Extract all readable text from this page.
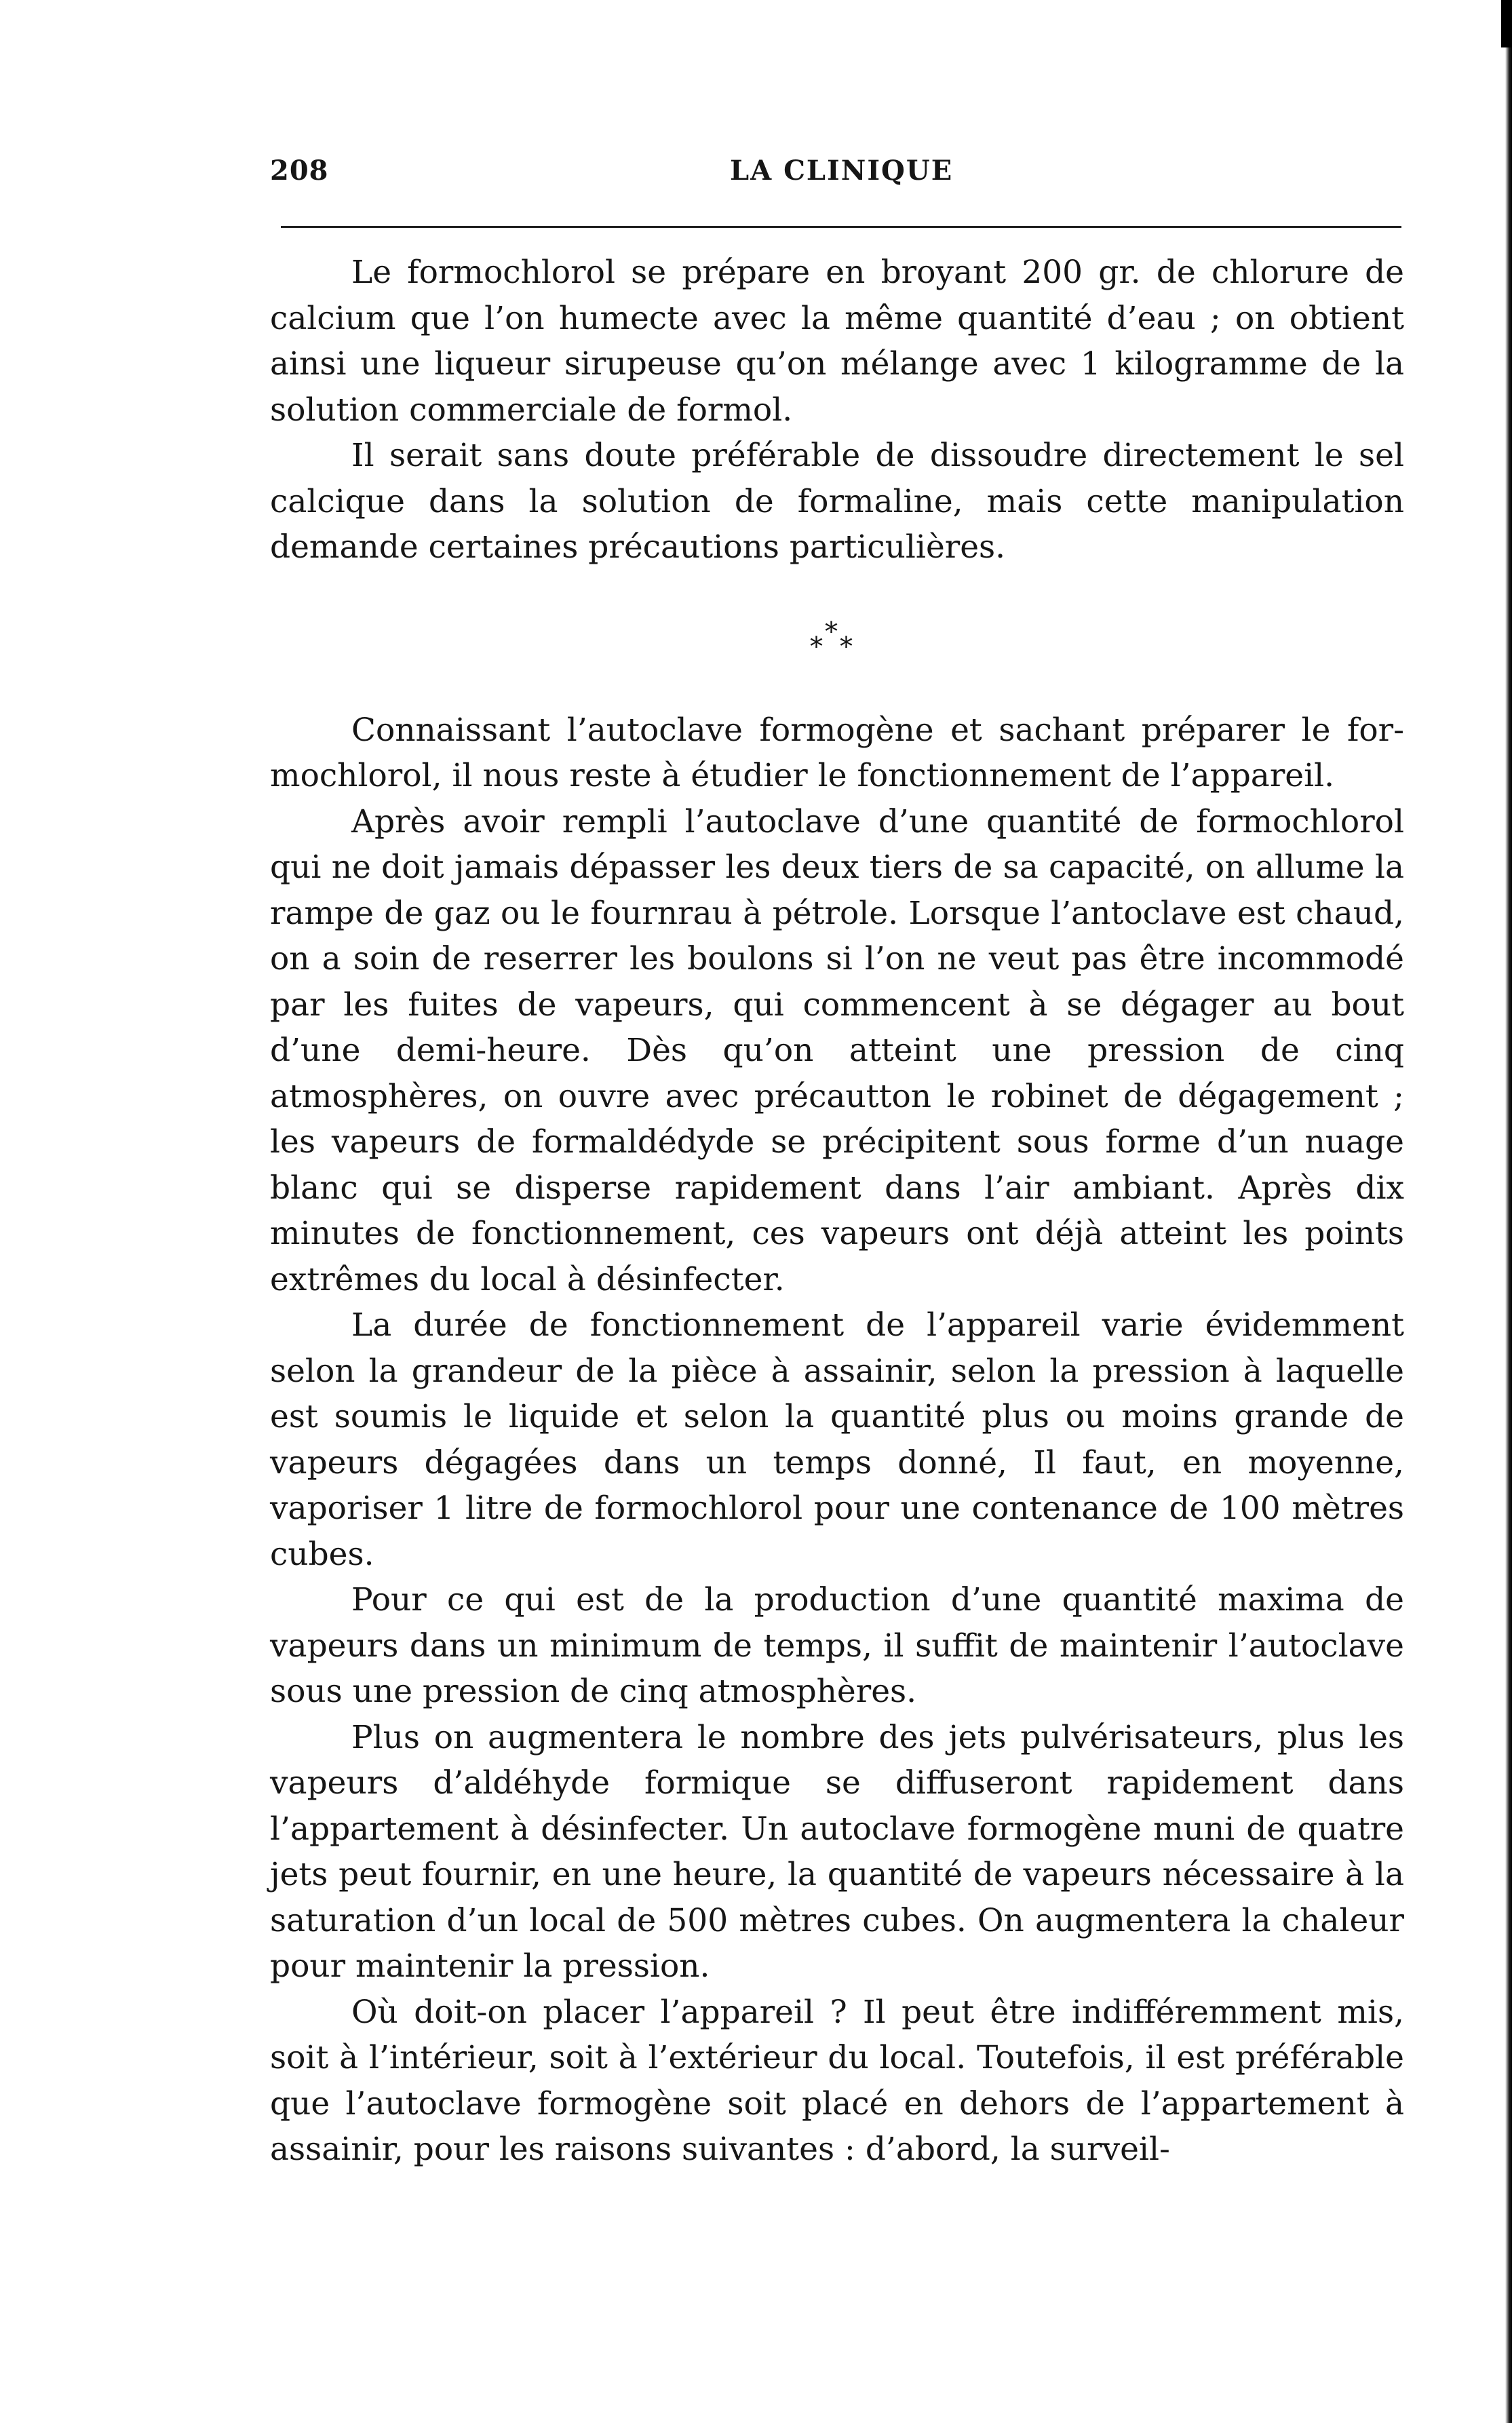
208	LA CLINIQUE

Le formochlorol se prépare en broyant 200 gr. de chlorure de calcium que l’on humecte avec la même quantité d’eau ; on obtient ainsi une liqueur sirupeuse qu’on mélange avec 1 kilogramme de la solution commerciale de formol.

Il serait sans doute préférable de dissoudre directement le sel calcique dans la solution de formaline, mais cette manipulation demande certaines précautions particulières.

*
* *

Connaissant l’autoclave formogène et sachant préparer le formochlorol, il nous reste à étudier le fonctionnement de l’appareil.

Après avoir rempli l’autoclave d’une quantité de formochlorol qui ne doit jamais dépasser les deux tiers de sa capacité, on allume la rampe de gaz ou le fournrau à pétrole. Lorsque l’antoclave est chaud, on a soin de reserrer les boulons si l’on ne veut pas être incommodé par les fuites de vapeurs, qui commencent à se dégager au bout d’une demi-heure. Dès qu’on atteint une pression de cinq atmosphères, on ouvre avec précautton le robinet de dégagement ; les vapeurs de formaldédyde se précipitent sous forme d’un nuage blanc qui se disperse rapidement dans l’air ambiant. Après dix minutes de fonctionnement, ces vapeurs ont déjà atteint les points extrêmes du local à désinfecter.

La durée de fonctionnement de l’appareil varie évidemment selon la grandeur de la pièce à assainir, selon la pression à laquelle est soumis le liquide et selon la quantité plus ou moins grande de vapeurs dégagées dans un temps donné, Il faut, en moyenne, vaporiser 1 litre de formochlorol pour une contenance de 100 mètres cubes.

Pour ce qui est de la production d’une quantité maxima de vapeurs dans un minimum de temps, il suffit de maintenir l’autoclave sous une pression de cinq atmosphères.

Plus on augmentera le nombre des jets pulvérisateurs, plus les vapeurs d’aldéhyde formique se diffuseront rapidement dans l’appartement à désinfecter. Un autoclave formogène muni de quatre jets peut fournir, en une heure, la quantité de vapeurs nécessaire à la saturation d’un local de 500 mètres cubes. On augmentera la chaleur pour maintenir la pression.

Où doit-on placer l’appareil ? Il peut être indifféremment mis, soit à l’intérieur, soit à l’extérieur du local. Toutefois, il est préférable que l’autoclave formogène soit placé en dehors de l’appartement à assainir, pour les raisons suivantes : d’abord, la surveil-
